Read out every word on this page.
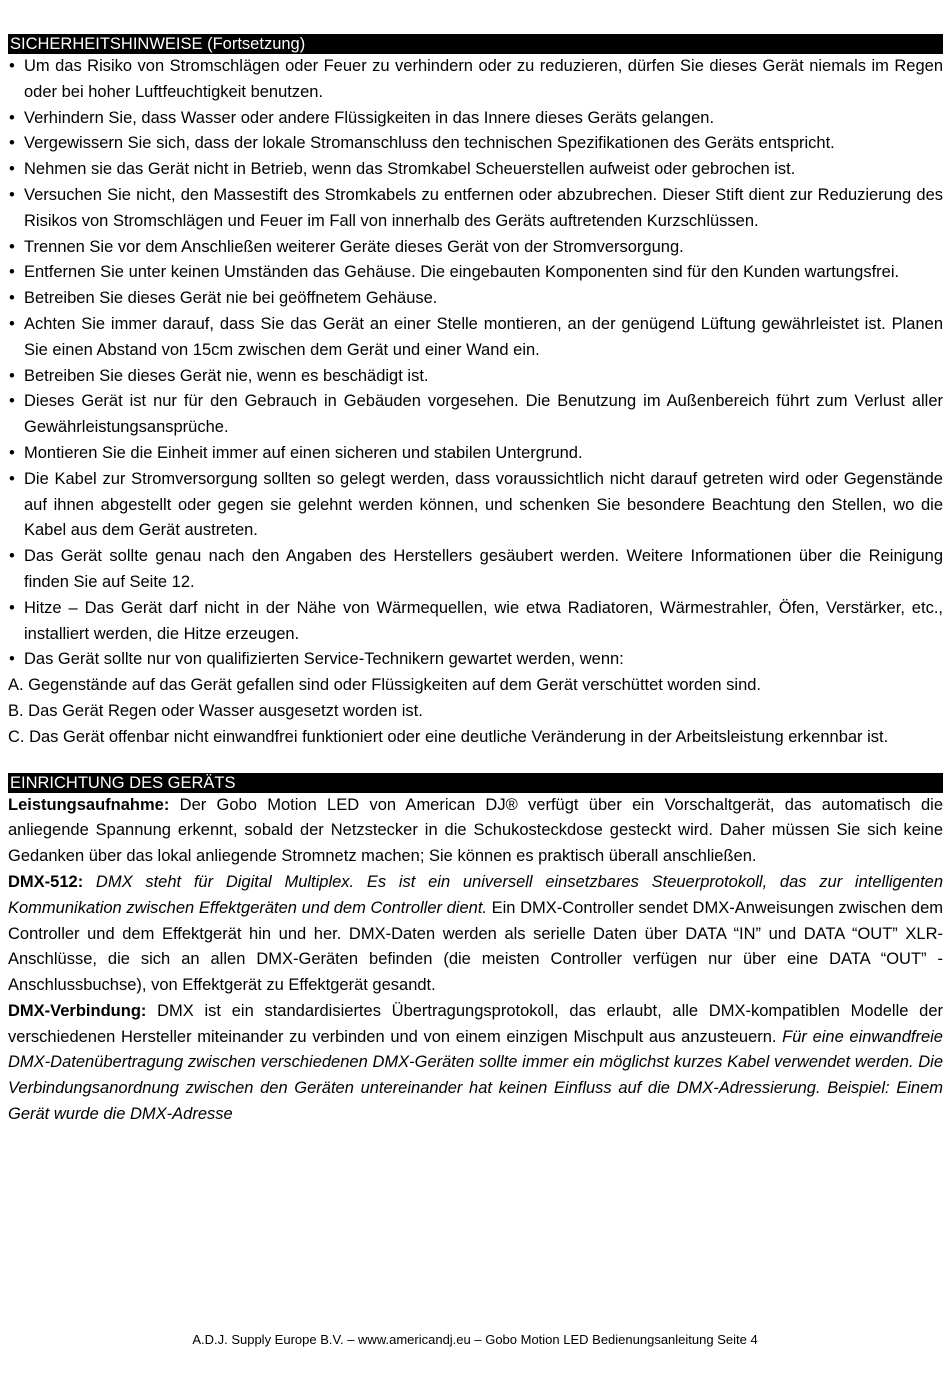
SICHERHEITSHINWEISE (Fortsetzung)
• Um das Risiko von Stromschlägen oder Feuer zu verhindern oder zu reduzieren, dürfen Sie dieses Gerät niemals im Regen oder bei hoher Luftfeuchtigkeit benutzen.
• Verhindern Sie, dass Wasser oder andere Flüssigkeiten in das Innere dieses Geräts gelangen.
• Vergewissern Sie sich, dass der lokale Stromanschluss den technischen Spezifikationen des Geräts entspricht.
• Nehmen sie das Gerät nicht in Betrieb, wenn das Stromkabel Scheuerstellen aufweist oder gebrochen ist.
• Versuchen Sie nicht, den Massestift des Stromkabels zu entfernen oder abzubrechen. Dieser Stift dient zur Reduzierung des Risikos von Stromschlägen und Feuer im Fall von innerhalb des Geräts auftretenden Kurzschlüssen.
• Trennen Sie vor dem Anschließen weiterer Geräte dieses Gerät von der Stromversorgung.
• Entfernen Sie unter keinen Umständen das Gehäuse. Die eingebauten Komponenten sind für den Kunden wartungsfrei.
• Betreiben Sie dieses Gerät nie bei geöffnetem Gehäuse.
• Achten Sie immer darauf, dass Sie das Gerät an einer Stelle montieren, an der genügend Lüftung gewährleistet ist. Planen Sie einen Abstand von 15cm zwischen dem Gerät und einer Wand ein.
• Betreiben Sie dieses Gerät nie, wenn es beschädigt ist.
• Dieses Gerät ist nur für den Gebrauch in Gebäuden vorgesehen. Die Benutzung im Außenbereich führt zum Verlust aller Gewährleistungsansprüche.
• Montieren Sie die Einheit immer auf einen sicheren und stabilen Untergrund.
• Die Kabel zur Stromversorgung sollten so gelegt werden, dass voraussichtlich nicht darauf getreten wird oder Gegenstände auf ihnen abgestellt oder gegen sie gelehnt werden können, und schenken Sie besondere Beachtung den Stellen, wo die Kabel aus dem Gerät austreten.
• Das Gerät sollte genau nach den Angaben des Herstellers gesäubert werden. Weitere Informationen über die Reinigung finden Sie auf Seite 12.
• Hitze – Das Gerät darf nicht in der Nähe von Wärmequellen, wie etwa Radiatoren, Wärmestrahler, Öfen, Verstärker, etc., installiert werden, die Hitze erzeugen.
• Das Gerät sollte nur von qualifizierten Service-Technikern gewartet werden, wenn:

A. Gegenstände auf das Gerät gefallen sind oder Flüssigkeiten auf dem Gerät verschüttet worden sind.

B. Das Gerät Regen oder Wasser ausgesetzt worden ist.

C. Das Gerät offenbar nicht einwandfrei funktioniert oder eine deutliche Veränderung in der Arbeitsleistung erkennbar ist.

EINRICHTUNG DES GERÄTS

Leistungsaufnahme: Der Gobo Motion LED von American DJ® verfügt über ein Vorschaltgerät, das automatisch die anliegende Spannung erkennt, sobald der Netzstecker in die Schukosteckdose gesteckt wird. Daher müssen Sie sich keine Gedanken über das lokal anliegende Stromnetz machen; Sie können es praktisch überall anschließen.

DMX-512: DMX steht für Digital Multiplex. Es ist ein universell einsetzbares Steuerprotokoll, das zur intelligenten Kommunikation zwischen Effektgeräten und dem Controller dient. Ein DMX-Controller sendet DMX-Anweisungen zwischen dem Controller und dem Effektgerät hin und her. DMX-Daten werden als serielle Daten über DATA “IN” und DATA “OUT” XLR-Anschlüsse, die sich an allen DMX-Geräten befinden (die meisten Controller verfügen nur über eine DATA “OUT” - Anschlussbuchse), von Effektgerät zu Effektgerät gesandt.

DMX-Verbindung: DMX ist ein standardisiertes Übertragungsprotokoll, das erlaubt, alle DMX-kompatiblen Modelle der verschiedenen Hersteller miteinander zu verbinden und von einem einzigen Mischpult aus anzusteuern. Für eine einwandfreie DMX-Datenübertragung zwischen verschiedenen DMX-Geräten sollte immer ein möglichst kurzes Kabel verwendet werden. Die Verbindungsanordnung zwischen den Geräten untereinander hat keinen Einfluss auf die DMX-Adressierung. Beispiel: Einem Gerät wurde die DMX-Adresse

A.D.J. Supply Europe B.V. – www.americandj.eu – Gobo Motion LED Bedienungsanleitung Seite 4
